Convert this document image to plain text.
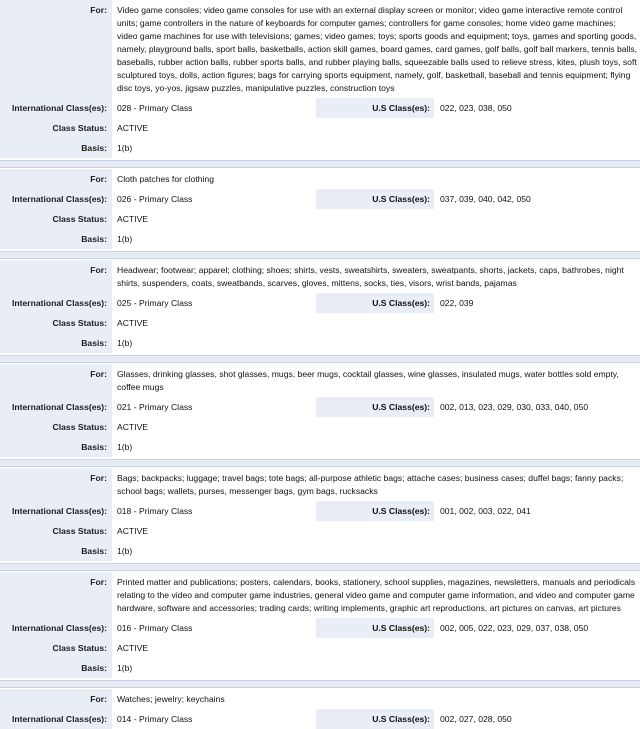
For:	Video game consoles; video game consoles for use with an external display screen or monitor; video game interactive remote control units; game controllers in the nature of keyboards for computer games; controllers for game consoles; home video game machines; video game machines for use with televisions; games; video games; toys; sports goods and equipment; toys, games and sporting goods, namely, playground balls, sport balls, basketballs, action skill games, board games, card games, golf balls, golf ball markers, tennis balls, baseballs, rubber action balls, rubber sports balls, and rubber playing balls, squeezable balls used to relieve stress, kites, plush toys, soft sculptured toys, dolls, action figures; bags for carrying sports equipment, namely, golf, basketball, baseball and tennis equipment; flying disc toys, yo-yos, jigsaw puzzles, manipulative puzzles, construction toys
International Class(es):	028 - Primary Class	U.S Class(es):	022, 023, 038, 050
Class Status:	ACTIVE
Basis:	1(b)
For:	Cloth patches for clothing
International Class(es):	026 - Primary Class	U.S Class(es):	037, 039, 040, 042, 050
Class Status:	ACTIVE
Basis:	1(b)
For:	Headwear; footwear; apparel; clothing; shoes; shirts, vests, sweatshirts, sweaters, sweatpants, shorts, jackets, caps, bathrobes, night shirts, suspenders, coats, sweatbands, scarves, gloves, mittens, socks, ties, visors, wrist bands, pajamas
International Class(es):	025 - Primary Class	U.S Class(es):	022, 039
Class Status:	ACTIVE
Basis:	1(b)
For:	Glasses, drinking glasses, shot glasses, mugs, beer mugs, cocktail glasses, wine glasses, insulated mugs, water bottles sold empty, coffee mugs
International Class(es):	021 - Primary Class	U.S Class(es):	002, 013, 023, 029, 030, 033, 040, 050
Class Status:	ACTIVE
Basis:	1(b)
For:	Bags; backpacks; luggage; travel bags; tote bags; all-purpose athletic bags; attache cases; business cases; duffel bags; fanny packs; school bags; wallets, purses, messenger bags, gym bags, rucksacks
International Class(es):	018 - Primary Class	U.S Class(es):	001, 002, 003, 022, 041
Class Status:	ACTIVE
Basis:	1(b)
For:	Printed matter and publications; posters, calendars, books, stationery, school supplies, magazines, newsletters, manuals and periodicals relating to the video and computer game industries, general video game and computer game information, and video and computer game hardware, software and accessories; trading cards; writing implements, graphic art reproductions, art pictures on canvas, art pictures
International Class(es):	016 - Primary Class	U.S Class(es):	002, 005, 022, 023, 029, 037, 038, 050
Class Status:	ACTIVE
Basis:	1(b)
For:	Watches; jewelry; keychains
International Class(es):	014 - Primary Class	U.S Class(es):	002, 027, 028, 050
